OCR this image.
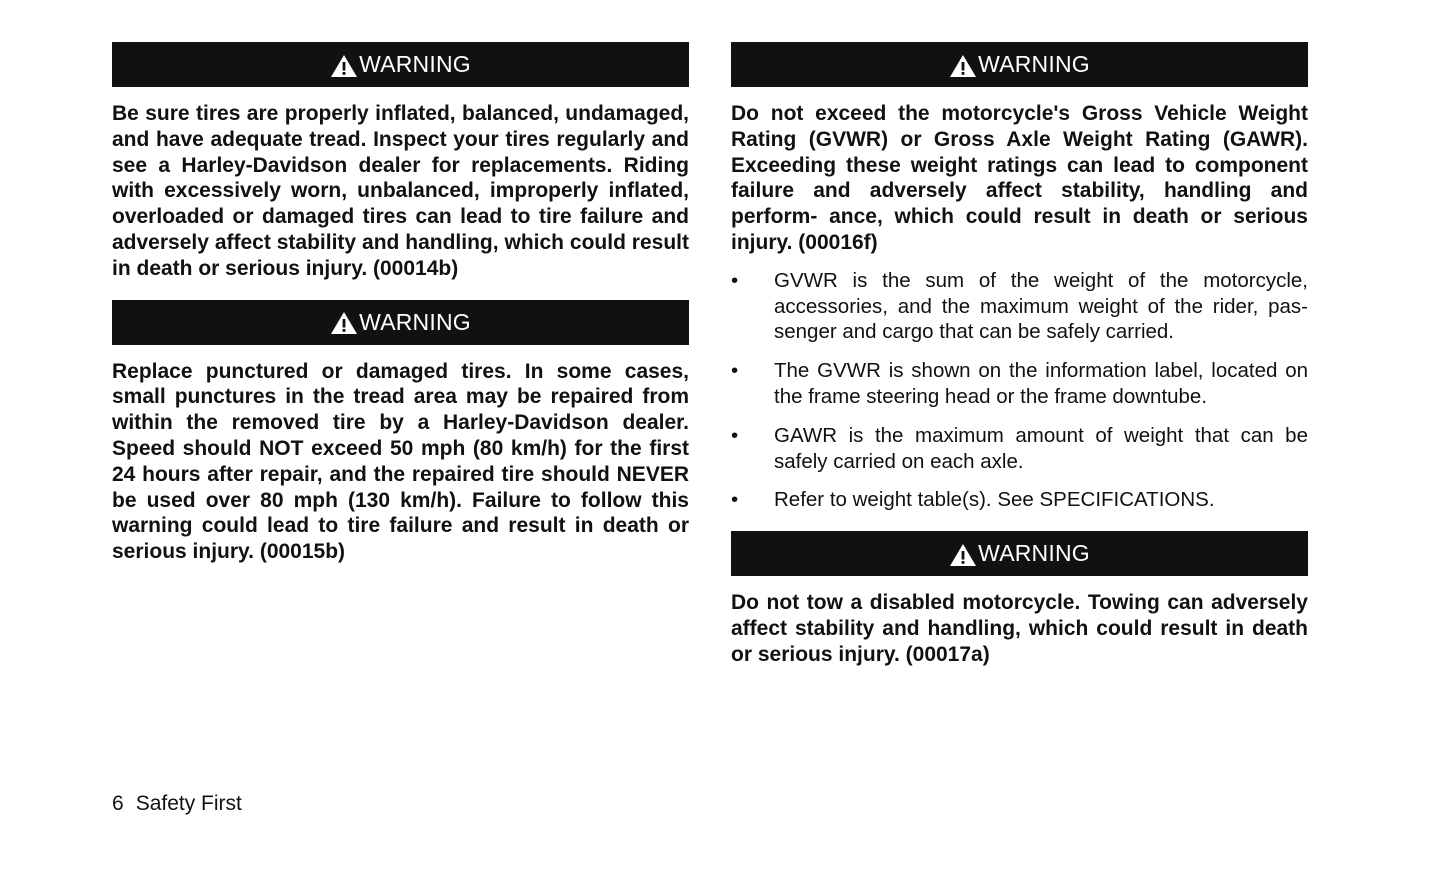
WARNING

Be sure tires are properly inflated, balanced, undamaged, and have adequate tread. Inspect your tires regularly and see a Harley-Davidson dealer for replacements. Riding with excessively worn, unbalanced, improperly inflated, overloaded or damaged tires can lead to tire failure and adversely affect stability and handling, which could result in death or serious injury. (00014b)

WARNING

Replace punctured or damaged tires. In some cases, small punctures in the tread area may be repaired from within the removed tire by a Harley-Davidson dealer. Speed should NOT exceed 50 mph (80 km/h) for the first 24 hours after repair, and the repaired tire should NEVER be used over 80 mph (130 km/h). Failure to follow this warning could lead to tire failure and result in death or serious injury. (00015b)

WARNING

Do not exceed the motorcycle's Gross Vehicle Weight Rating (GVWR) or Gross Axle Weight Rating (GAWR). Exceeding these weight ratings can lead to component failure and adversely affect stability, handling and perform- ance, which could result in death or serious injury. (00016f)

• GVWR is the sum of the weight of the motorcycle, accessories, and the maximum weight of the rider, pas- senger and cargo that can be safely carried.
• The GVWR is shown on the information label, located on the frame steering head or the frame downtube.
• GAWR is the maximum amount of weight that can be safely carried on each axle.
• Refer to weight table(s). See SPECIFICATIONS.
WARNING

Do not tow a disabled motorcycle. Towing can adversely affect stability and handling, which could result in death or serious injury. (00017a)

6 Safety First
